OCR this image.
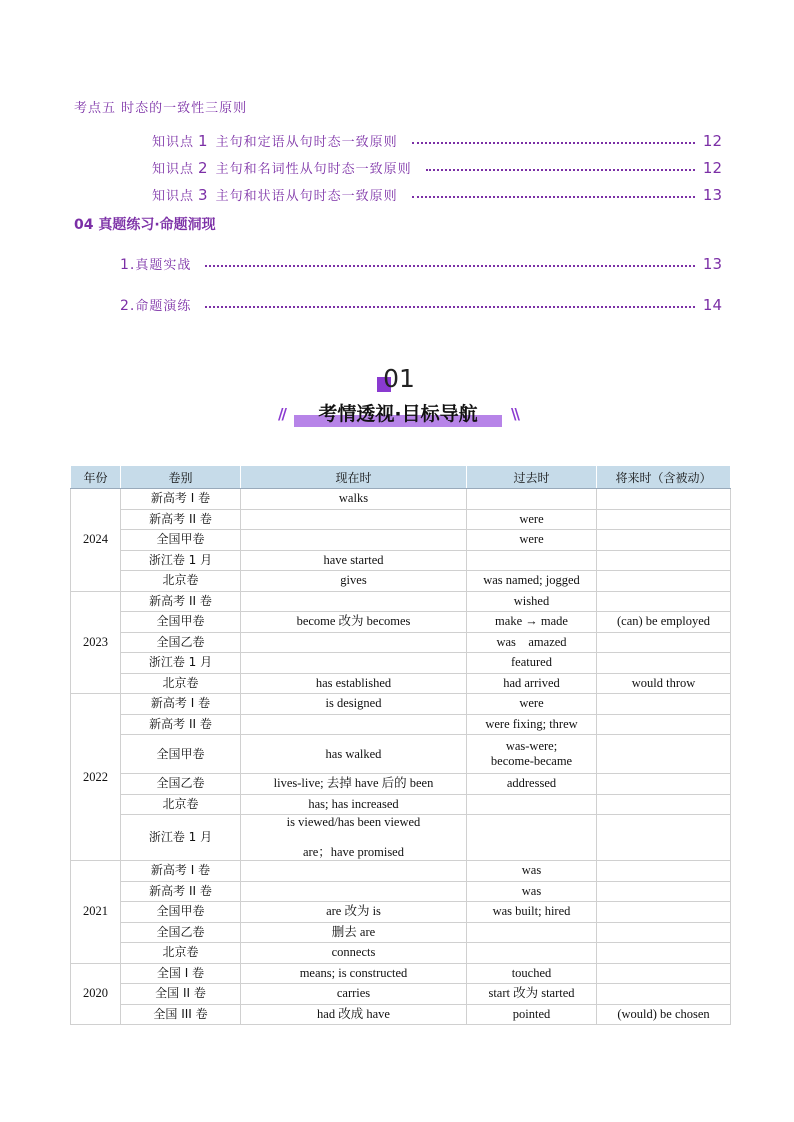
考点五 时态的一致性三原则
知识点 1 主句和定语从句时态一致原则	12
知识点 2 主句和名词性从句时态一致原则	12
知识点 3 主句和状语从句时态一致原则	13
04 真题练习·命题洞现
1.真题实战	13
2.命题演练	14
01
//	\\
考情透视·目标导航
年份	卷别	现在时	过去时	将来时（含被动）
2024	新高考 I 卷	walks		
	新高考 II 卷		were	
	全国甲卷		were	
	浙江卷 1 月	have started		
	北京卷	gives	was named; jogged	
2023	新高考 II 卷		wished	
	全国甲卷	become 改为 becomes	make → made	(can) be employed
	全国乙卷		was　amazed	
	浙江卷 1 月		featured	
	北京卷	has established	had arrived	would throw
2022	新高考 I 卷	is designed	were	
	新高考 II 卷		were fixing; threw	
	全国甲卷	has walked	was-were;
become-became	
	全国乙卷	lives-live; 去掉 have 后的 been	addressed	
	北京卷	has; has increased		
	浙江卷 1 月	is viewed/has been viewed

are；have promised		
2021	新高考 I 卷		was	
	新高考 II 卷		was	
	全国甲卷	are 改为 is	was built; hired	
	全国乙卷	删去 are		
	北京卷	connects		
2020	全国 I 卷	means; is constructed	touched	
	全国 II 卷	carries	start 改为 started	
	全国 III 卷	had 改成 have	pointed	(would) be chosen
